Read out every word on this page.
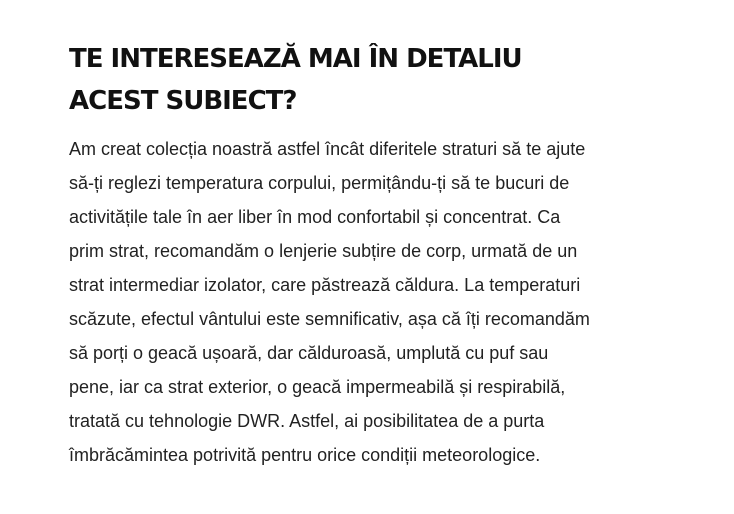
TE INTERESEAZĂ MAI ÎN DETALIU
ACEST SUBIECT?

Am creat colecția noastră astfel încât diferitele straturi să te ajute
să-ți reglezi temperatura corpului, permițându-ți să te bucuri de
activitățile tale în aer liber în mod confortabil și concentrat. Ca
prim strat, recomandăm o lenjerie subțire de corp, urmată de un
strat intermediar izolator, care păstrează căldura. La temperaturi
scăzute, efectul vântului este semnificativ, așa că îți recomandăm
să porți o geacă ușoară, dar călduroasă, umplută cu puf sau
pene, iar ca strat exterior, o geacă impermeabilă și respirabilă,
tratată cu tehnologie DWR. Astfel, ai posibilitatea de a purta
îmbrăcămintea potrivită pentru orice condiții meteorologice.
